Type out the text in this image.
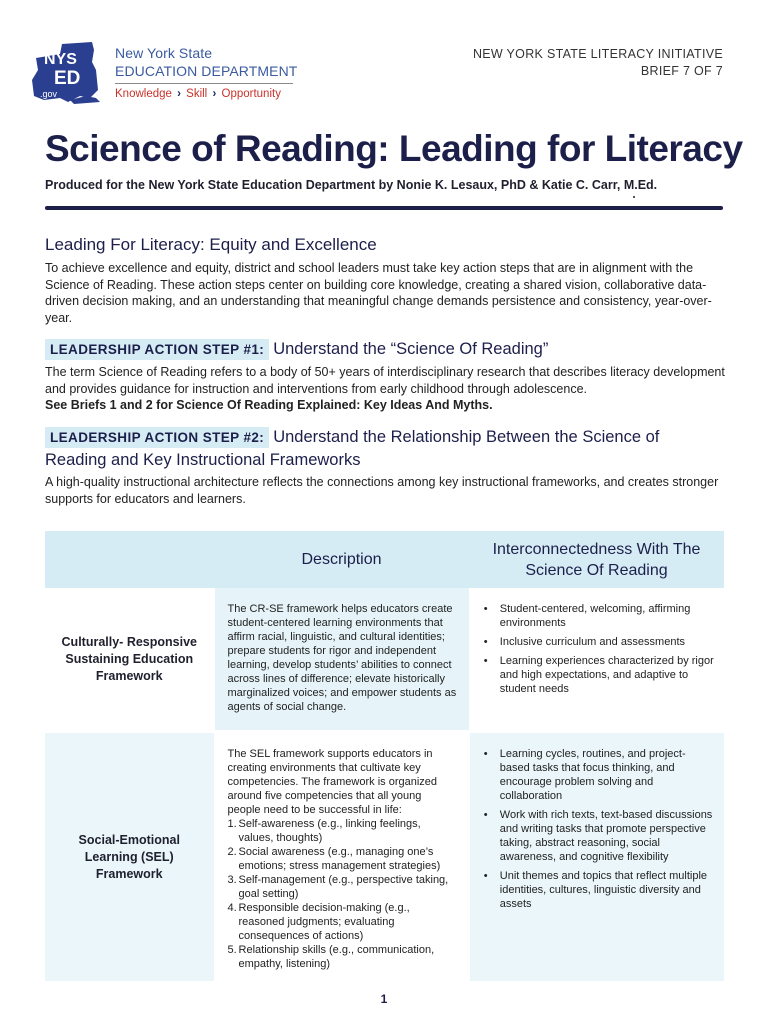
NYS
ED
.gov
New York State
EDUCATION DEPARTMENT
Knowledge › Skill › Opportunity
NEW YORK STATE LITERACY INITIATIVE
BRIEF 7 OF 7
Science of Reading: Leading for Literacy
Produced for the New York State Education Department by Nonie K. Lesaux, PhD & Katie C. Carr, M.Ed.
Leading For Literacy: Equity and Excellence

To achieve excellence and equity, district and school leaders must take key action steps that are in alignment with the Science of Reading. These action steps center on building core knowledge, creating a shared vision, collaborative data-driven decision making, and an understanding that meaningful change demands persistence and consistency, year-over-year.

LEADERSHIP ACTION STEP #1: Understand the “Science Of Reading”

The term Science of Reading refers to a body of 50+ years of interdisciplinary research that describes literacy development and provides guidance for instruction and interventions from early childhood through adolescence.
See Briefs 1 and 2 for Science Of Reading Explained: Key Ideas And Myths.

LEADERSHIP ACTION STEP #2: Understand the Relationship Between the Science of Reading and Key Instructional Frameworks

A high-quality instructional architecture reflects the connections among key instructional frameworks, and creates stronger supports for educators and learners.

Description
Interconnectedness With The Science Of Reading
Culturally- Responsive Sustaining Education Framework
The CR-SE framework helps educators create student-centered learning environments that affirm racial, linguistic, and cultural identities; prepare students for rigor and independent learning, develop students’ abilities to connect across lines of difference; elevate historically marginalized voices; and empower students as agents of social change.
• Student-centered, welcoming, affirming environments
• Inclusive curriculum and assessments
• Learning experiences characterized by rigor and high expectations, and adaptive to student needs
Social-Emotional Learning (SEL) Framework
The SEL framework supports educators in creating environments that cultivate key competencies. The framework is organized around five competencies that all young people need to be successful in life:
1. Self-awareness (e.g., linking feelings, values, thoughts)
2. Social awareness (e.g., managing one’s emotions; stress management strategies)
3. Self-management (e.g., perspective taking, goal setting)
4. Responsible decision-making (e.g., reasoned judgments; evaluating consequences of actions)
5. Relationship skills (e.g., communication, empathy, listening)
• Learning cycles, routines, and project-based tasks that focus thinking, and encourage problem solving and collaboration
• Work with rich texts, text-based discussions and writing tasks that promote perspective taking, abstract reasoning, social awareness, and cognitive flexibility
• Unit themes and topics that reflect multiple identities, cultures, linguistic diversity and assets
1
